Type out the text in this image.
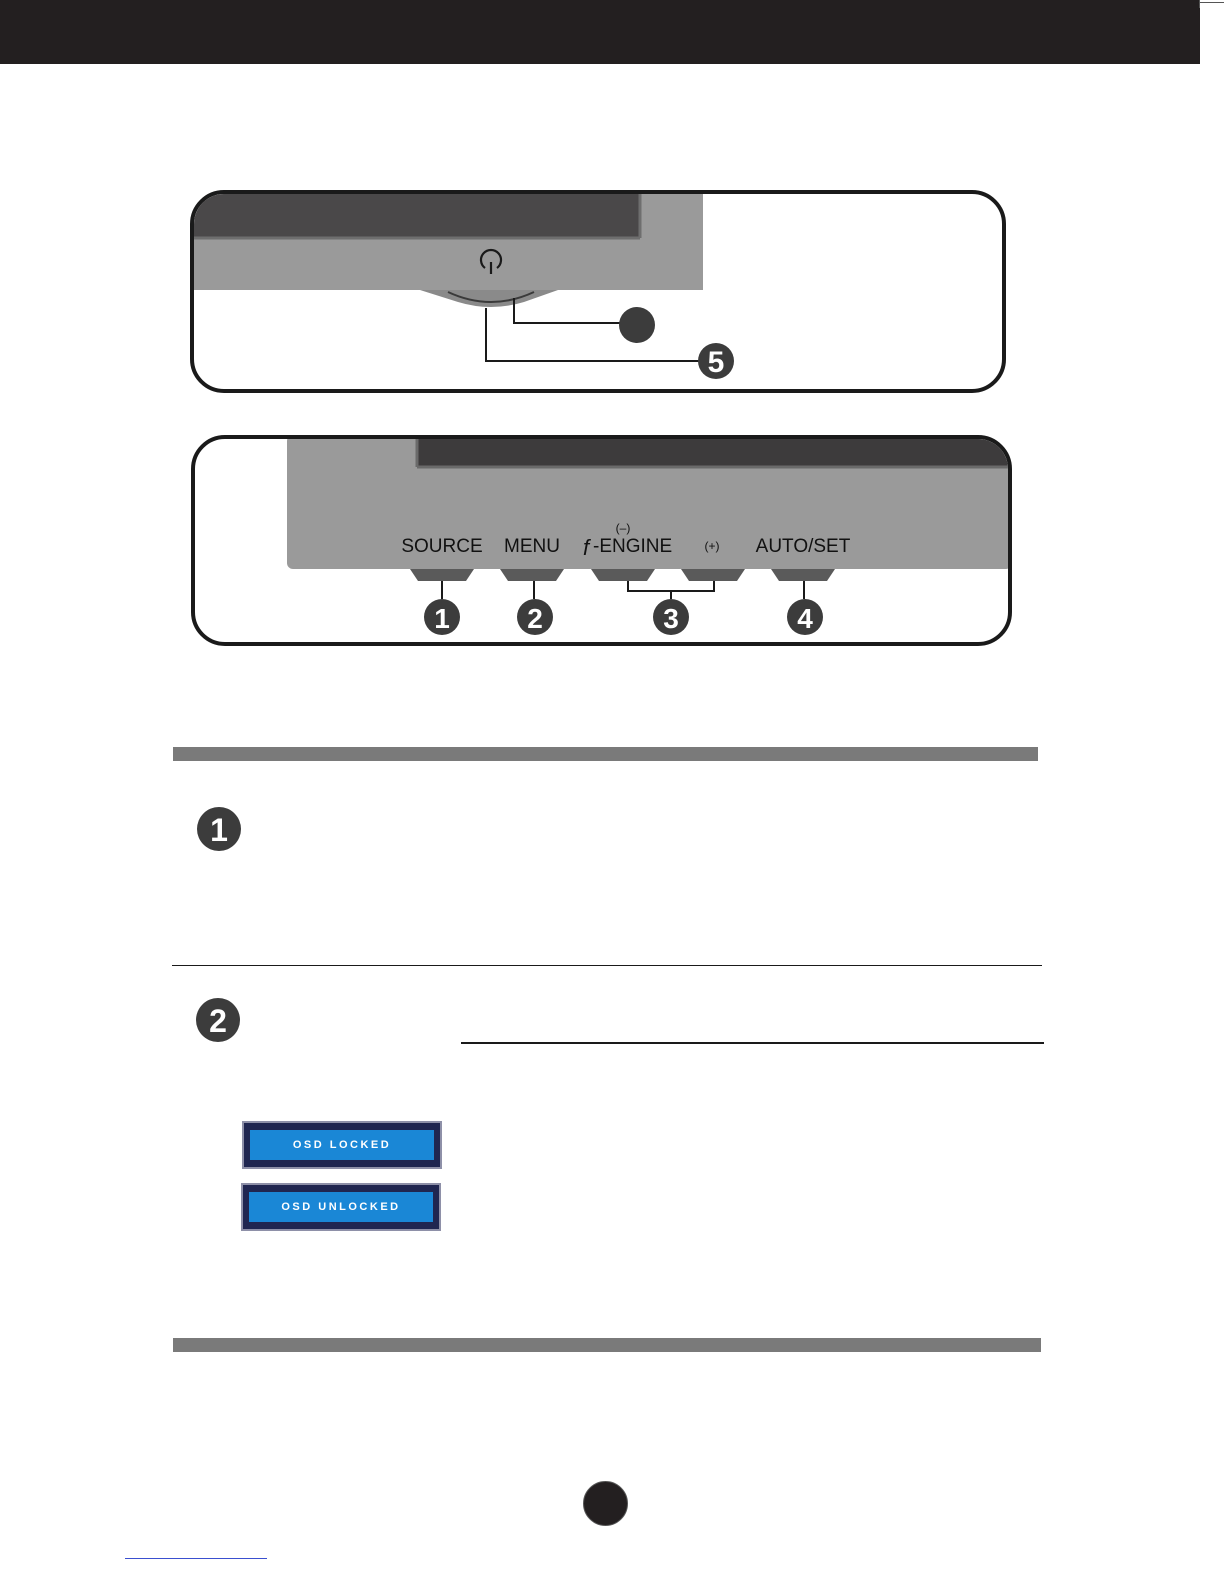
5
SOURCE MENU
(–)
f -ENGINE	(+) AUTO/SET
1	2	3	4
1
2
OSD LOCKED
OSD UNLOCKED
